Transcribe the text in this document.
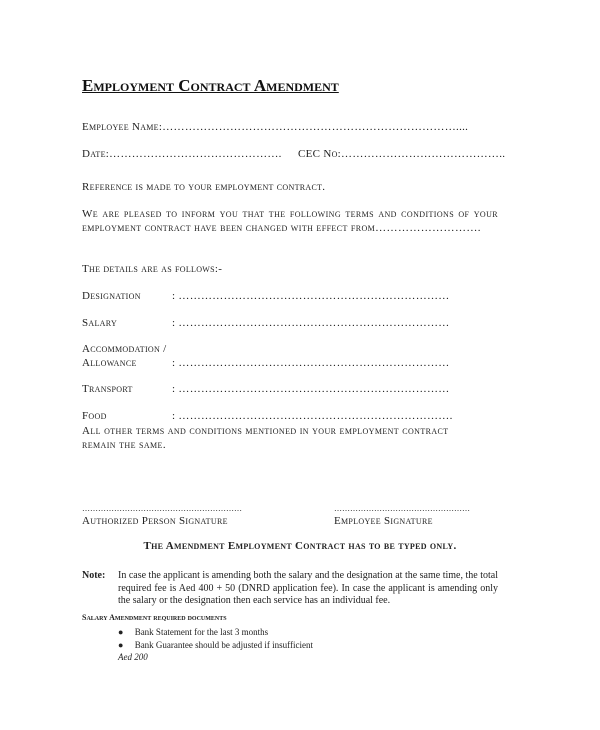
Employment Contract Amendment
Employee Name:……………………………………………………………………....
Date:………………………………………. CEC No:……………………………………..
Reference is made to your employment contract.
We are pleased to inform you that the following terms and conditions of your employment contract have been changed with effect from……………………….
The details are as follows:-
Designation	: ………………………………………………………………
Salary	: ………………………………………………………………
Accommodation /
Allowance	: ………………………………………………………………
Transport	: ………………………………………………………………
Food	: ……………………………………………………………….
All other terms and conditions mentioned in your employment contract remain the same.
……………………………………………………	……………………………………………
Authorized Person Signature	Employee Signature
The Amendment Employment Contract has to be typed only.
Note: In case the applicant is amending both the salary and the designation at the same time, the total required fee is Aed 400 + 50 (DNRD application fee). In case the applicant is amending only the salary or the designation then each service has an individual fee.
Salary Amendment required documents
●     Bank Statement for the last 3 months
●     Bank Guarantee should be adjusted if insufficient
Aed 200
